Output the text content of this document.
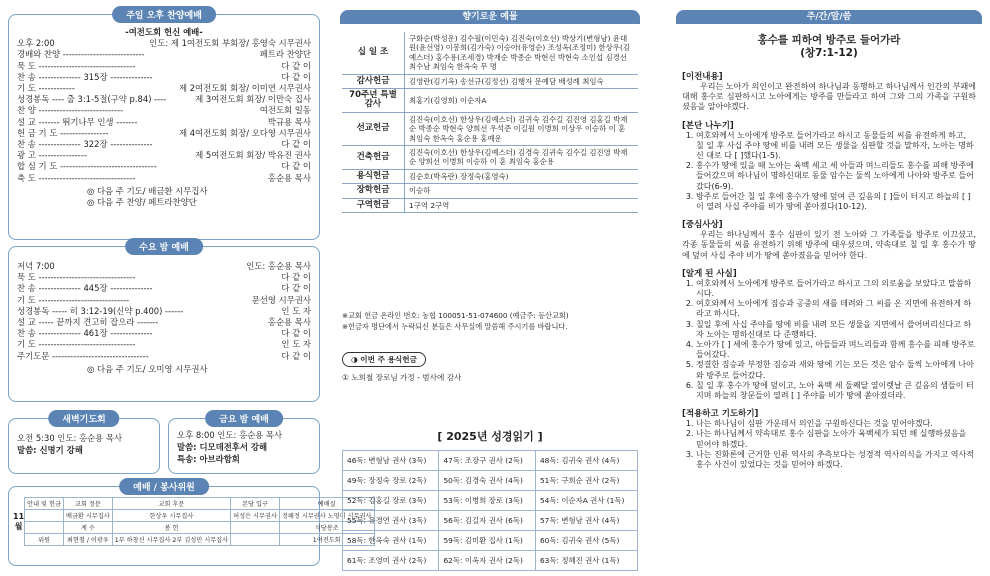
주일 오후 찬양예배
-여전도회 헌신 예배-
오후 2:00	인도: 제 1여전도회 부회장/ 홍영숙 시무권사
경배와 찬양 ---------------------------	페트라 찬양단
묵 도 --------------------------------	다 같 이
찬 송 -------------- 315장 --------------	다 같 이
기 도 ------------	제 2여전도회 회장/ 이미연 시무권사
성경봉독 ---- 출 3:1-5절(구약 p.84) ----	제 3여전도회 회장/ 이만숙 집사
찬 양 ----------------------------	여전도회 일동
설 교 ------- 뛰기나무 인생 -------	박규용 목사
헌 금 기 도 ----------------	제 4여전도회 회장/ 오다영 시무권사
찬 송 -------------- 322장 --------------	다 같 이
광 고 ----------------	제 5여전도회 회장/ 박유진 권사
합 심 기 도 --------------------------------	다 같 이
축 도 --------------------------------	홍순용 목사
◎ 다음 주 기도/ 배금환 시무집사
◎ 다음 주 찬양/ 페트라찬양단
수요 밤 예배
저녁 7:00	인도: 홍순용 목사
묵 도 --------------------------------	다 같 이
찬 송 -------------- 445장 --------------	다 같 이
기 도 ------------------------------	문선영 시무권사
성경봉독 ----- 히 3:12-19(신약 p.400) ------	인 도 자
설 교 ----- 끝까지 견고히 잡으라 -------	홍순용 목사
찬 송 -------------- 461장 --------------	다 같 이
기 도 --------------------------------	인 도 자
주기도문 --------------------------------	다 같 이
◎ 다음 주 기도/ 오미영 시무권사
새벽기도회
오전 5:30 인도: 홍순용 목사
말씀: 신명기 강해
금요 밤 예배
오후 8:00 인도: 홍순용 목사
말씀: 디모데전후서 강해
특송: 아브라함회
예배 / 봉사위원
11 월
안내 및 헌금	교회 정문	교회 후문	본당 입구	예배실
	배금환 시무집사	한상우 시무집사	허성은 시무권사	정혜정 시무권사 노영미 시무권사
	계 수	봉 헌		식당봉조
위원	최현철 / 이광우	1부 하창신 시무집사 2부 김성민 시무집사		1여전도회
향기로운 예물
십 일 조	구화순(박성운) 김수필(이민숙) 김진숙(이호선) 박상기(변형남) 윤대원(윤선영) 이봉희(김가숙) 이승아(유영순) 조성옥(조정미) 한상우(김예스더) 홍수용(조세경) 박재순 박종순 박현선 박현숙 소인섭 심경선 최수남 최임숙 한옥숙 무 명
감사헌금	김영란(김기옥) 송선규(김정선) 김행자 문예담 배성례 최임숙
70주년 특별감사	최홍기(김영희) 이순자A
선교헌금	김진숙(이호선) 한상우(김예스더) 김귀숙 김수길 김진영 김홍길 박재순 박종순 박현숙 양희선 우석준 이길원 이병희 이상우 이승하 이 훈 최임숙 한옥숙 홍순용 홍예운
건축헌금	김진숙(이호선) 한상우(김예스더) 김경숙 김귀숙 김수길 김진영 박재순 양희선 이병희 이승하 이 훈 최임숙 홍순용
용식헌금	김순호(박옥란) 장정숙(홍영숙)
장학헌금	이승하
구역헌금	1구역 2구역
※교회 헌금 온라인 번호: 농협 100051-51-074600 (예금주: 등산교회)
※헌금자 명단에서 누락되신 분들은 사무실에 말씀해 주시기를 바랍니다.
◑ 이번 주 용식헌금
① 노희철 장로님 가정 - 범사에 감사
[ 2025년 성경읽기 ]
46독: 변형남 권사 (3독)	47독: 조장구 권사 (2독)	48독: 김귀숙 권사 (4독)
49독: 장정숙 장로 (2독)	50독: 김경숙 권사 (4독)	51독: 구희순 권사 (2독)
52독: 김홍길 장로 (3독)	53독: 이병희 장로 (3독)	54독: 이순자A 권사 (1독)
55독: 유경연 권사 (3독)	56독: 김길자 권사 (6독)	57독: 변형남 권사 (4독)
58독: 한옥숙 권사 (1독)	59독: 김미환 집사 (1독)	60독: 김귀숙 권사 (5독)
61독: 조영미 권사 (2독)	62독: 이옥자 권사 (2독)	63독: 정혜진 권사 (1독)
주/간/말/씀
홍수를 피하여 방주로 들어가라
(창7:1-12)
[이전내용]
우리는 노아가 의인이고 완전하여 하나님과 동행하고 하나님께서 인간의 부패에 대해 홍수로 심판하시고 노아에게는 방주를 만들라고 하여 그와 그의 가족을 구원하셨음을 알아야겠다.
[본단 나누기]
1. 여호와께서 노아에게 방주로 들어가라고 하시고 동물들의 씨를 유전하게 하고, 칠 일 후 사십 주야 땅에 비를 내려 모든 생물을 심판할 것을 말하자, 노아는 명하신 대로 다 [ ]했다(1-5).
2. 홍수가 땅에 있을 때 노아는 육백 세고 세 아들과 며느리들도 홍수를 피해 방주에 들어갔으며 하나님이 명하신대로 동물 암수는 둘씩 노아에게 나아와 방주로 들어갔다(6-9).
3. 방주로 들어간 칠 일 후에 홍수가 땅에 덮여 큰 깊음의 [ ]들이 터지고 하늘의 [ ]이 열려 사십 주야를 비가 땅에 쏟아졌다(10-12).
[중심사상]
우리는 하나님께서 홍수 심판이 있기 전 노아와 그 가족들을 방주로 이끄셨고, 각종 동물들의 씨를 유전하기 위해 방주에 태우셨으며, 약속대로 칠 일 후 홍수가 땅에 덮여 사십 주야 비가 땅에 쏟아졌음을 믿어야 한다.
[알게 된 사실]
1. 여호와께서 노아에게 방주로 들어가라고 하시고 그의 의로움을 보았다고 말씀하시다.
2. 여호와께서 노아에게 짐승과 공중의 새를 데려와 그 씨를 온 지면에 유전하게 하라고 하시다.
3. 칠일 후에 사십 주야를 땅에 비를 내려 모든 생물을 지면에서 쓸어버리신다고 하자 노아는 명하신대로 다 준행하다.
4. 노아가 [ ] 세에 홍수가 땅에 있고, 아들들과 며느리들과 함께 홍수를 피해 방주로 들어갔다.
5. 정결한 짐승과 부정한 짐승과 새와 땅에 기는 모든 것은 암수 둘씩 노아에게 나아와 방주로 들어갔다.
6. 칠 일 후 홍수가 땅에 덮이고, 노아 육백 세 둘째달 열이렛날 큰 깊음의 샘들이 터지며 하늘의 창문들이 열려 [ ] 주야를 비가 땅에 쏟아졌더라.
[적용하고 기도하기]
1. 나는 하나님이 심판 가운데서 의인을 구원하신다는 것을 믿어야겠다.
2. 나는 하나님께서 약속대로 홍수 심판을 노아가 육백세가 되던 해 실행하셨음을 믿어야 하겠다.
3. 나는 진화론에 근거한 인류 역사의 추측보다는 성경적 역사의식을 가지고 역사적 홍수 사건이 있었다는 것을 믿어야 하겠다.
